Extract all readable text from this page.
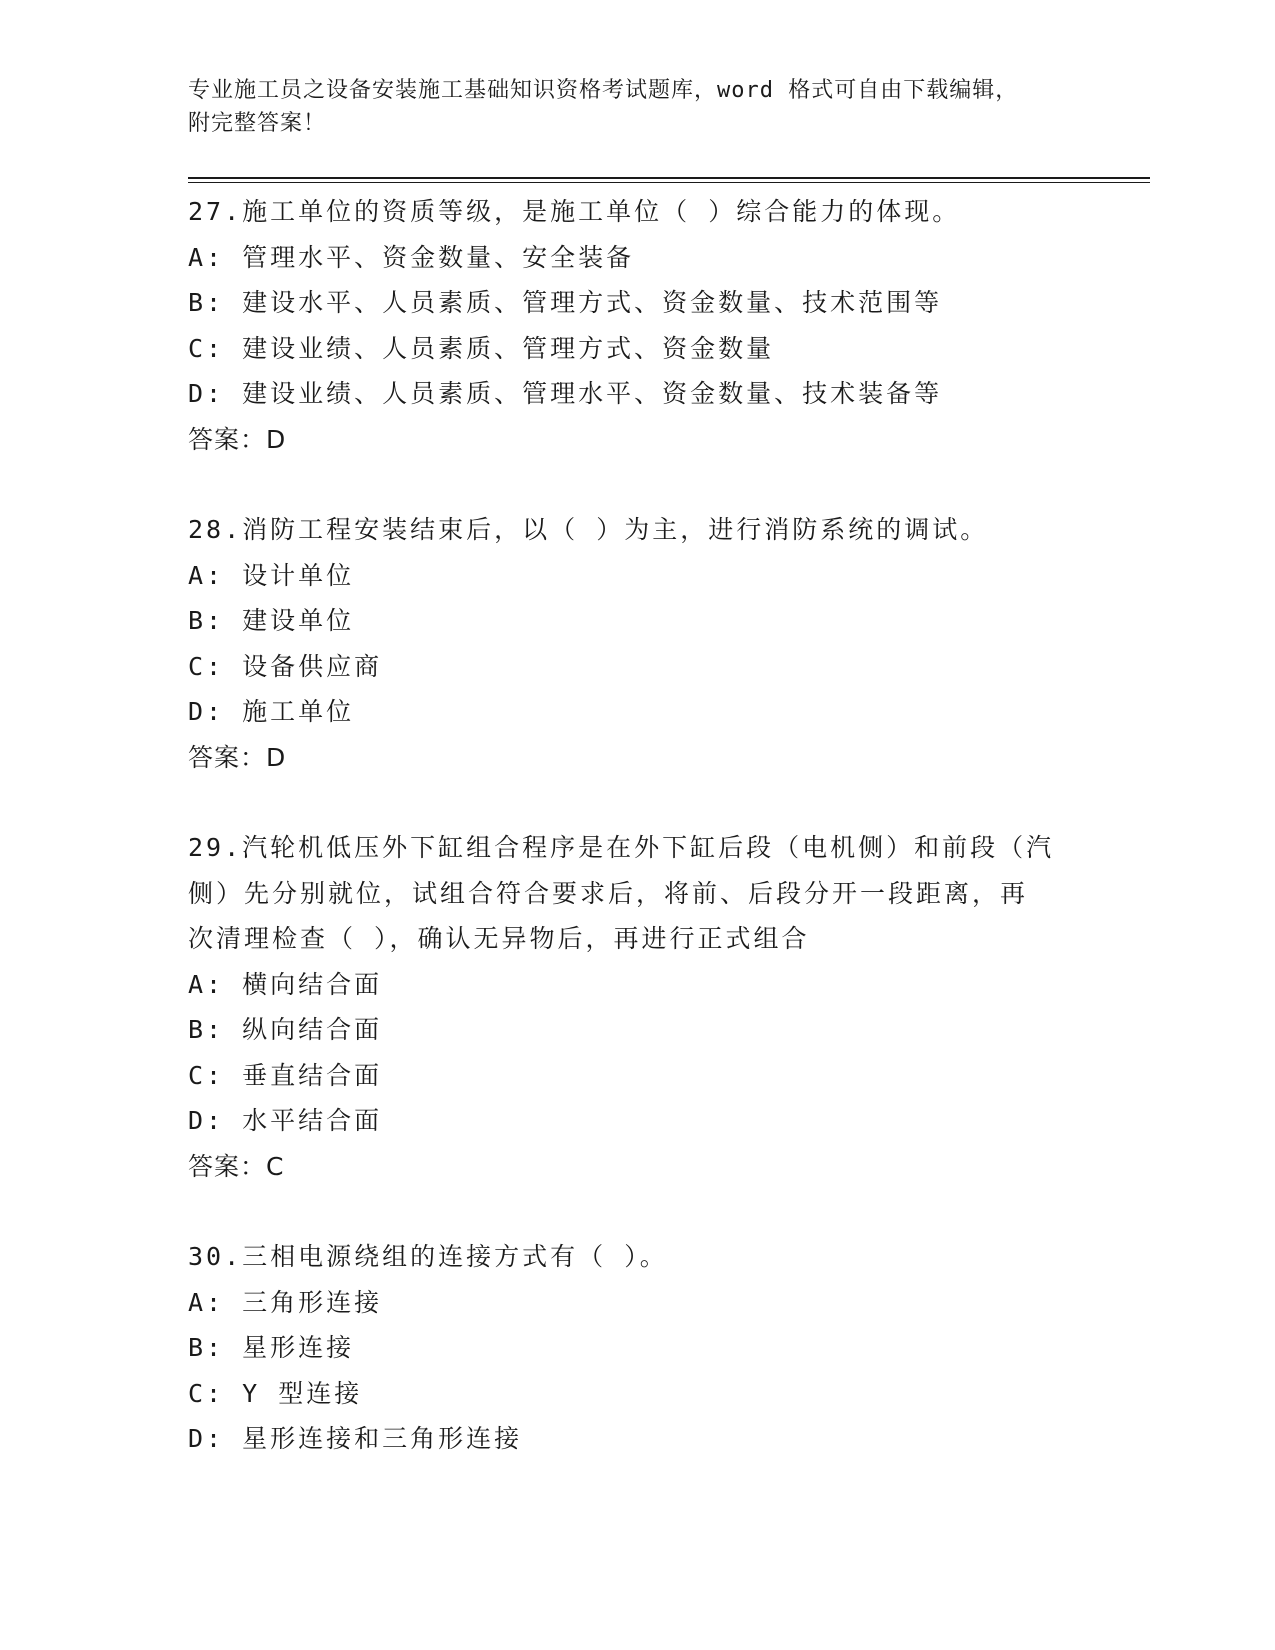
专业施工员之设备安装施工基础知识资格考试题库，word 格式可自由下载编辑，
附完整答案！
27.施工单位的资质等级，是施工单位（ ）综合能力的体现。
A: 管理水平、资金数量、安全装备
B: 建设水平、人员素质、管理方式、资金数量、技术范围等
C: 建设业绩、人员素质、管理方式、资金数量
D: 建设业绩、人员素质、管理水平、资金数量、技术装备等
答案：D
28.消防工程安装结束后，以（ ）为主，进行消防系统的调试。
A: 设计单位
B: 建设单位
C: 设备供应商
D: 施工单位
答案：D
29.汽轮机低压外下缸组合程序是在外下缸后段（电机侧）和前段（汽
侧）先分别就位，试组合符合要求后，将前、后段分开一段距离，再
次清理检查（ ），确认无异物后，再进行正式组合
A: 横向结合面
B: 纵向结合面
C: 垂直结合面
D: 水平结合面
答案：C
30.三相电源绕组的连接方式有（ ）。
A: 三角形连接
B: 星形连接
C: Y 型连接
D: 星形连接和三角形连接
